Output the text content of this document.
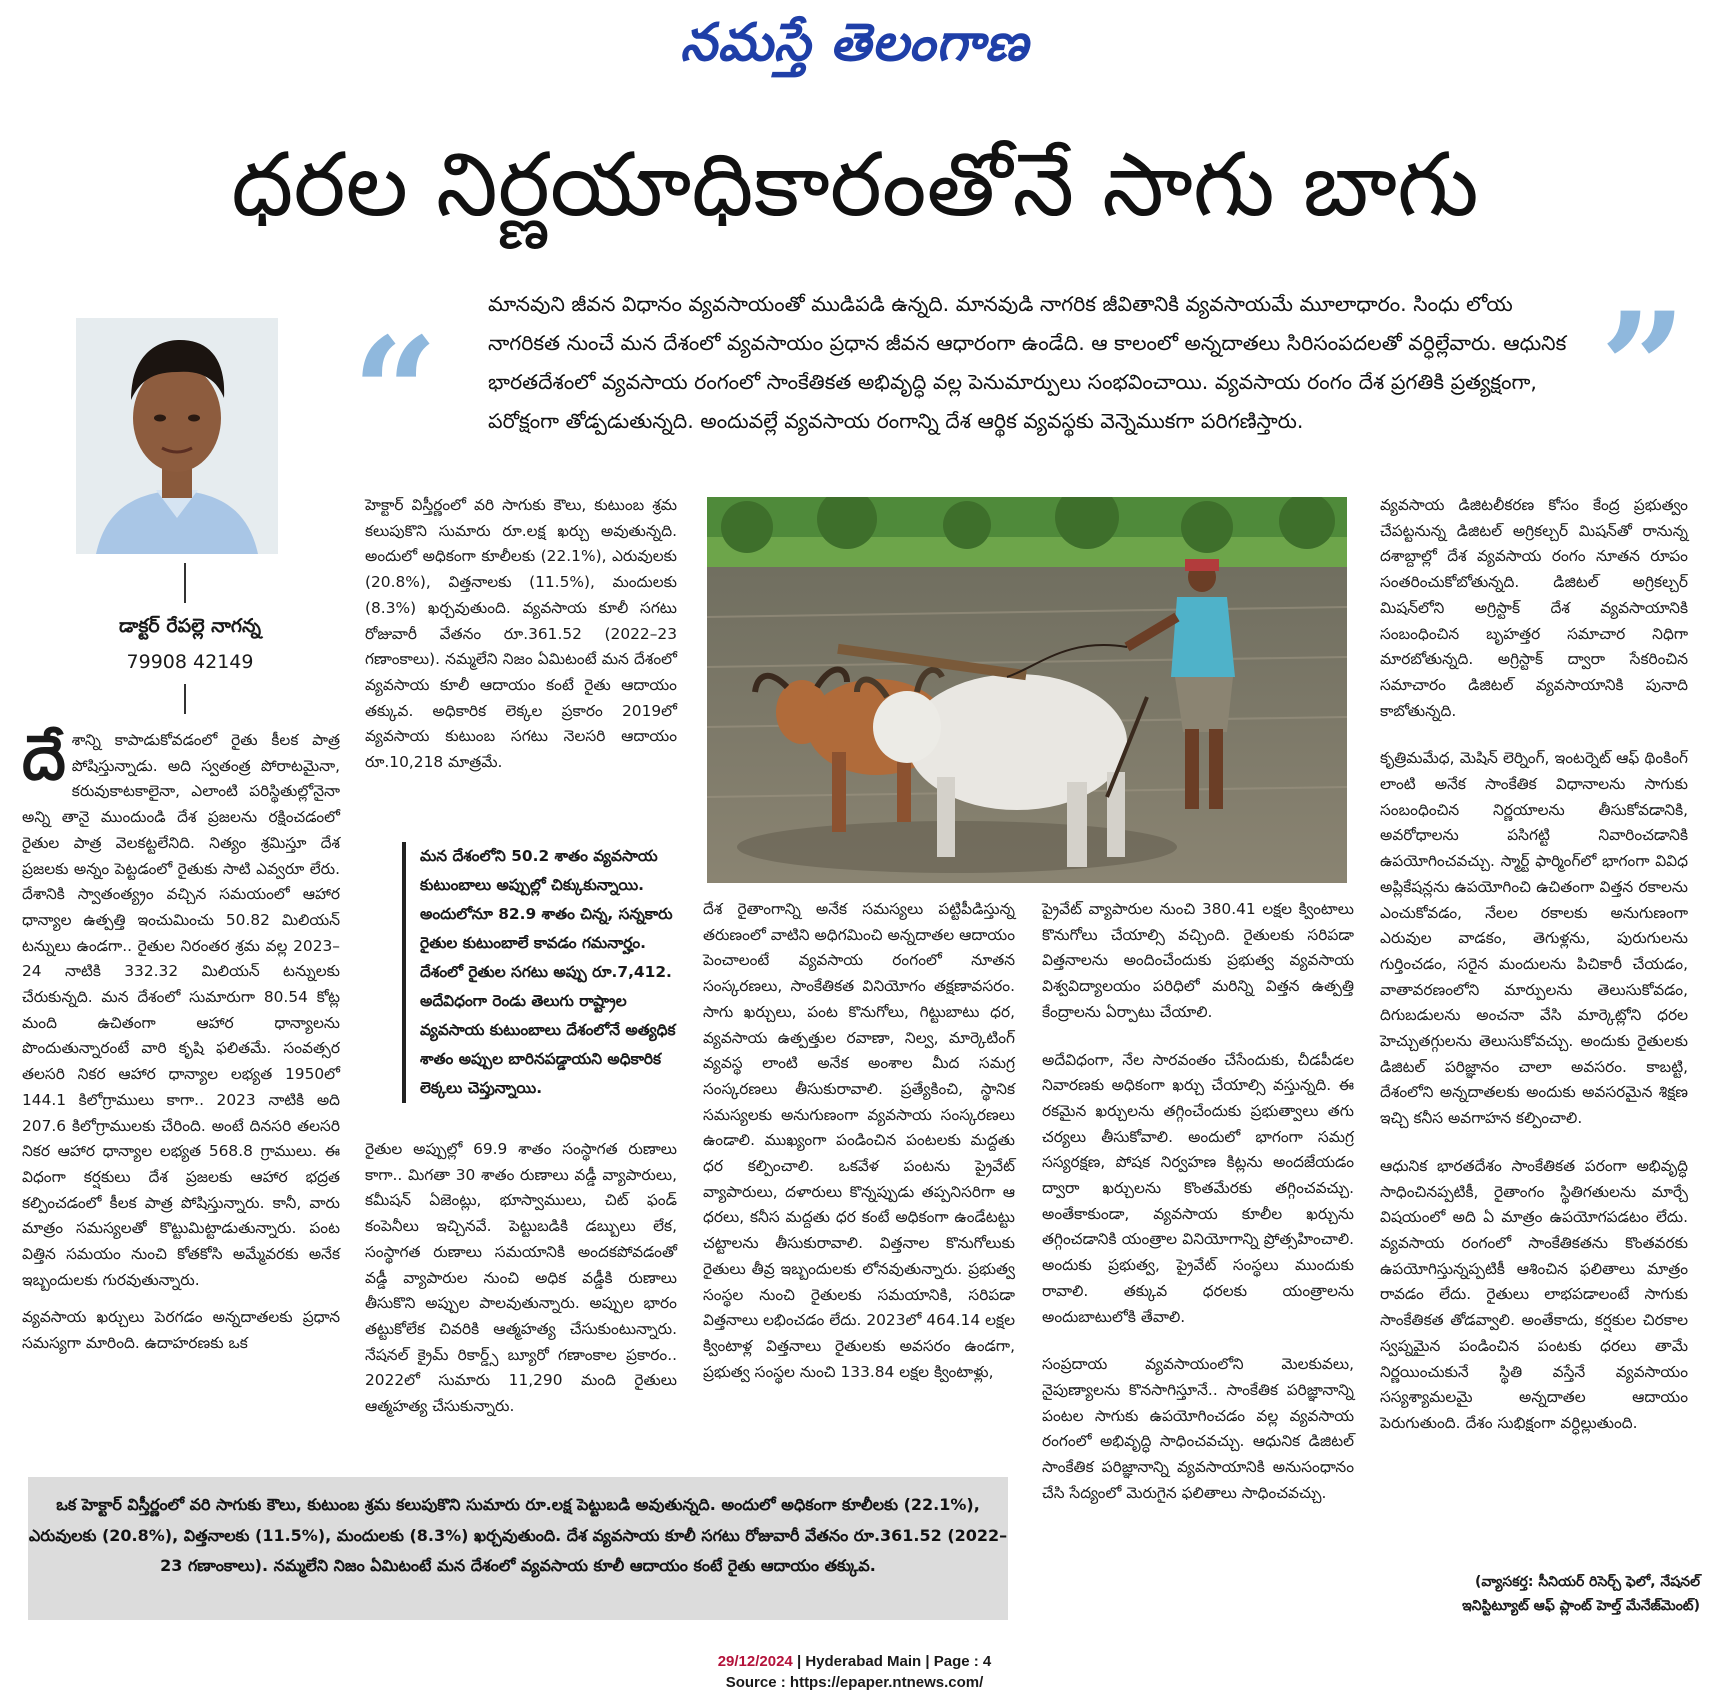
నమస్తే తెలంగాణ
ధరల నిర్ణయాధికారంతోనే సాగు బాగు
“	”
మానవుని జీవన విధానం వ్యవసాయంతో ముడిపడి ఉన్నది. మానవుడి నాగరిక జీవితానికి వ్యవసాయమే మూలాధారం. సింధు లోయ నాగరికత నుంచే మన దేశంలో వ్యవసాయం ప్రధాన జీవన ఆధారంగా ఉండేది. ఆ కాలంలో అన్నదాతలు సిరిసంపదలతో వర్ధిల్లేవారు. ఆధునిక భారతదేశంలో వ్యవసాయ రంగంలో సాంకేతికత అభివృద్ధి వల్ల పెనుమార్పులు సంభవించాయి. వ్యవసాయ రంగం దేశ ప్రగతికి ప్రత్యక్షంగా, పరోక్షంగా తోడ్పడుతున్నది. అందువల్లే వ్యవసాయ రంగాన్ని దేశ ఆర్థిక వ్యవస్థకు వెన్నెముకగా పరిగణిస్తారు.
డాక్టర్ రేపల్లె నాగన్న
79908 42149

దేశాన్ని కాపాడుకోవడంలో రైతు కీలక పాత్ర పోషిస్తున్నాడు. అది స్వతంత్ర పోరాటమైనా, కరువుకాటకాలైనా, ఎలాంటి పరిస్థితుల్లోనైనా అన్ని తానై ముందుండి దేశ ప్రజలను రక్షించడంలో రైతుల పాత్ర వెలకట్టలేనిది. నిత్యం శ్రమిస్తూ దేశ ప్రజలకు అన్నం పెట్టడంలో రైతుకు సాటి ఎవ్వరూ లేరు. దేశానికి స్వాతంత్య్రం వచ్చిన సమయంలో ఆహార ధాన్యాల ఉత్పత్తి ఇంచుమించు 50.82 మిలియన్ టన్నులు ఉండగా.. రైతుల నిరంతర శ్రమ వల్ల 2023–24 నాటికి 332.32 మిలియన్ టన్నులకు చేరుకున్నది. మన దేశంలో సుమారుగా 80.54 కోట్ల మంది ఉచితంగా ఆహార ధాన్యాలను పొందుతున్నారంటే వారి కృషి ఫలితమే. సంవత్సర తలసరి నికర ఆహార ధాన్యాల లభ్యత 1950లో 144.1 కిలోగ్రాములు కాగా.. 2023 నాటికి అది 207.6 కిలోగ్రాములకు చేరింది. అంటే దినసరి తలసరి నికర ఆహార ధాన్యాల లభ్యత 568.8 గ్రాములు. ఈ విధంగా కర్షకులు దేశ ప్రజలకు ఆహార భద్రత కల్పించడంలో కీలక పాత్ర పోషిస్తున్నారు. కానీ, వారు మాత్రం సమస్యలతో కొట్టుమిట్టాడుతున్నారు. పంట విత్తిన సమయం నుంచి కోతకోసి అమ్మేవరకు అనేక ఇబ్బందులకు గురవుతున్నారు.

వ్యవసాయ ఖర్చులు పెరగడం అన్నదాతలకు ప్రధాన సమస్యగా మారింది. ఉదాహరణకు ఒక

హెక్టార్ విస్తీర్ణంలో వరి సాగుకు కౌలు, కుటుంబ శ్రమ కలుపుకొని సుమారు రూ.లక్ష ఖర్చు అవుతున్నది. అందులో అధికంగా కూలీలకు (22.1%), ఎరువులకు (20.8%), విత్తనాలకు (11.5%), మందులకు (8.3%) ఖర్చవుతుంది. వ్యవసాయ కూలీ సగటు రోజువారీ వేతనం రూ.361.52 (2022–23 గణాంకాలు). నమ్మలేని నిజం ఏమిటంటే మన దేశంలో వ్యవసాయ కూలీ ఆదాయం కంటే రైతు ఆదాయం తక్కువ. అధికారిక లెక్కల ప్రకారం 2019లో వ్యవసాయ కుటుంబ సగటు నెలసరి ఆదాయం రూ.10,218 మాత్రమే.

మన దేశంలోని 50.2 శాతం వ్యవసాయ కుటుంబాలు అప్పుల్లో చిక్కుకున్నాయి. అందులోనూ 82.9 శాతం చిన్న, సన్నకారు రైతుల కుటుంబాలే కావడం గమనార్హం. దేశంలో రైతుల సగటు అప్పు రూ.7,412. అదేవిధంగా రెండు తెలుగు రాష్ట్రాల వ్యవసాయ కుటుంబాలు దేశంలోనే అత్యధిక శాతం అప్పుల బారినపడ్డాయని అధికారిక లెక్కలు చెప్తున్నాయి.

రైతుల అప్పుల్లో 69.9 శాతం సంస్థాగత రుణాలు కాగా.. మిగతా 30 శాతం రుణాలు వడ్డీ వ్యాపారులు, కమీషన్ ఏజెంట్లు, భూస్వాములు, చిట్ ఫండ్ కంపెనీలు ఇచ్చినవే. పెట్టుబడికి డబ్బులు లేక, సంస్థాగత రుణాలు సమయానికి అందకపోవడంతో వడ్డీ వ్యాపారుల నుంచి అధిక వడ్డీకి రుణాలు తీసుకొని అప్పుల పాలవుతున్నారు. అప్పుల భారం తట్టుకోలేక చివరికి ఆత్మహత్య చేసుకుంటున్నారు. నేషనల్ క్రైమ్ రికార్డ్స్ బ్యూరో గణాంకాల ప్రకారం.. 2022లో సుమారు 11,290 మంది రైతులు ఆత్మహత్య చేసుకున్నారు.

దేశ రైతాంగాన్ని అనేక సమస్యలు పట్టిపీడిస్తున్న తరుణంలో వాటిని అధిగమించి అన్నదాతల ఆదాయం పెంచాలంటే వ్యవసాయ రంగంలో నూతన సంస్కరణలు, సాంకేతికత వినియోగం తక్షణావసరం. సాగు ఖర్చులు, పంట కొనుగోలు, గిట్టుబాటు ధర, వ్యవసాయ ఉత్పత్తుల రవాణా, నిల్వ, మార్కెటింగ్ వ్యవస్థ లాంటి అనేక అంశాల మీద సమగ్ర సంస్కరణలు తీసుకురావాలి. ప్రత్యేకించి, స్థానిక సమస్యలకు అనుగుణంగా వ్యవసాయ సంస్కరణలు ఉండాలి. ముఖ్యంగా పండించిన పంటలకు మద్దతు ధర కల్పించాలి. ఒకవేళ పంటను ప్రైవేట్ వ్యాపారులు, దళారులు కొన్నప్పుడు తప్పనిసరిగా ఆ ధరలు, కనీస మద్దతు ధర కంటే అధికంగా ఉండేటట్టు చట్టాలను తీసుకురావాలి. విత్తనాల కొనుగోలుకు రైతులు తీవ్ర ఇబ్బందులకు లోనవుతున్నారు. ప్రభుత్వ సంస్థల నుంచి రైతులకు సమయానికి, సరిపడా విత్తనాలు లభించడం లేదు. 2023లో 464.14 లక్షల క్వింటాళ్ల విత్తనాలు రైతులకు అవసరం ఉండగా, ప్రభుత్వ సంస్థల నుంచి 133.84 లక్షల క్వింటాళ్లు,

ప్రైవేట్ వ్యాపారుల నుంచి 380.41 లక్షల క్వింటాలు కొనుగోలు చేయాల్సి వచ్చింది. రైతులకు సరిపడా విత్తనాలను అందించేందుకు ప్రభుత్వ వ్యవసాయ విశ్వవిద్యాలయం పరిధిలో మరిన్ని విత్తన ఉత్పత్తి కేంద్రాలను ఏర్పాటు చేయాలి.

అదేవిధంగా, నేల సారవంతం చేసేందుకు, చీడపీడల నివారణకు అధికంగా ఖర్చు చేయాల్సి వస్తున్నది. ఈ రకమైన ఖర్చులను తగ్గించేందుకు ప్రభుత్వాలు తగు చర్యలు తీసుకోవాలి. అందులో భాగంగా సమగ్ర సస్యరక్షణ, పోషక నిర్వహణ కిట్లను అందజేయడం ద్వారా ఖర్చులను కొంతమేరకు తగ్గించవచ్చు. అంతేకాకుండా, వ్యవసాయ కూలీల ఖర్చును తగ్గించడానికి యంత్రాల వినియోగాన్ని ప్రోత్సహించాలి. అందుకు ప్రభుత్వ, ప్రైవేట్ సంస్థలు ముందుకు రావాలి. తక్కువ ధరలకు యంత్రాలను అందుబాటులోకి తేవాలి.

సంప్రదాయ వ్యవసాయంలోని మెలకువలు, నైపుణ్యాలను కొనసాగిస్తూనే.. సాంకేతిక పరిజ్ఞానాన్ని పంటల సాగుకు ఉపయోగించడం వల్ల వ్యవసాయ రంగంలో అభివృద్ధి సాధించవచ్చు. ఆధునిక డిజిటల్ సాంకేతిక పరిజ్ఞానాన్ని వ్యవసాయానికి అనుసంధానం చేసి సేద్యంలో మెరుగైన ఫలితాలు సాధించవచ్చు.

వ్యవసాయ డిజిటలీకరణ కోసం కేంద్ర ప్రభుత్వం చేపట్టనున్న డిజిటల్ అగ్రికల్చర్ మిషన్‌తో రానున్న దశాబ్దాల్లో దేశ వ్యవసాయ రంగం నూతన రూపం సంతరించుకోబోతున్నది. డిజిటల్ అగ్రికల్చర్ మిషన్‌లోని అగ్రిస్టాక్ దేశ వ్యవసాయానికి సంబంధించిన బృహత్తర సమాచార నిధిగా మారబోతున్నది. అగ్రిస్టాక్ ద్వారా సేకరించిన సమాచారం డిజిటల్ వ్యవసాయానికి పునాది కాబోతున్నది.

కృత్రిమమేధ, మెషిన్ లెర్నింగ్, ఇంటర్నెట్ ఆఫ్ థింకింగ్ లాంటి అనేక సాంకేతిక విధానాలను సాగుకు సంబంధించిన నిర్ణయాలను తీసుకోవడానికి, అవరోధాలను పసిగట్టి నివారించడానికి ఉపయోగించవచ్చు. స్మార్ట్ ఫార్మింగ్‌లో భాగంగా వివిధ అప్లికేషన్లను ఉపయోగించి ఉచితంగా విత్తన రకాలను ఎంచుకోవడం, నేలల రకాలకు అనుగుణంగా ఎరువుల వాడకం, తెగుళ్లను, పురుగులను గుర్తించడం, సరైన మందులను పిచికారీ చేయడం, వాతావరణంలోని మార్పులను తెలుసుకోవడం, దిగుబడులను అంచనా వేసి మార్కెట్లోని ధరల హెచ్చుతగ్గులను తెలుసుకోవచ్చు. అందుకు రైతులకు డిజిటల్ పరిజ్ఞానం చాలా అవసరం. కాబట్టి, దేశంలోని అన్నదాతలకు అందుకు అవసరమైన శిక్షణ ఇచ్చి కనీస అవగాహన కల్పించాలి.

ఆధునిక భారతదేశం సాంకేతికత పరంగా అభివృద్ధి సాధించినప్పటికీ, రైతాంగం స్థితిగతులను మార్చే విషయంలో అది ఏ మాత్రం ఉపయోగపడటం లేదు. వ్యవసాయ రంగంలో సాంకేతికతను కొంతవరకు ఉపయోగిస్తున్నప్పటికీ ఆశించిన ఫలితాలు మాత్రం రావడం లేదు. రైతులు లాభపడాలంటే సాగుకు సాంకేతికత తోడవ్వాలి. అంతేకాదు, కర్షకుల చిరకాల స్వప్నమైన పండించిన పంటకు ధరలు తామే నిర్ణయించుకునే స్థితి వస్తేనే వ్యవసాయం సస్యశ్యామలమై అన్నదాతల ఆదాయం పెరుగుతుంది. దేశం సుభిక్షంగా వర్ధిల్లుతుంది.

(వ్యాసకర్త: సీనియర్ రిసెర్చ్ ఫెలో, నేషనల్ ఇనిస్టిట్యూట్ ఆఫ్ ప్లాంట్ హెల్త్ మేనేజ్‌మెంట్)
ఒక హెక్టార్ విస్తీర్ణంలో వరి సాగుకు కౌలు, కుటుంబ శ్రమ కలుపుకొని సుమారు రూ.లక్ష పెట్టుబడి అవుతున్నది. అందులో అధికంగా కూలీలకు (22.1%), ఎరువులకు (20.8%), విత్తనాలకు (11.5%), మందులకు (8.3%) ఖర్చవుతుంది. దేశ వ్యవసాయ కూలీ సగటు రోజువారీ వేతనం రూ.361.52 (2022–23 గణాంకాలు). నమ్మలేని నిజం ఏమిటంటే మన దేశంలో వ్యవసాయ కూలీ ఆదాయం కంటే రైతు ఆదాయం తక్కువ.
29/12/2024 | Hyderabad Main | Page : 4
Source : https://epaper.ntnews.com/
